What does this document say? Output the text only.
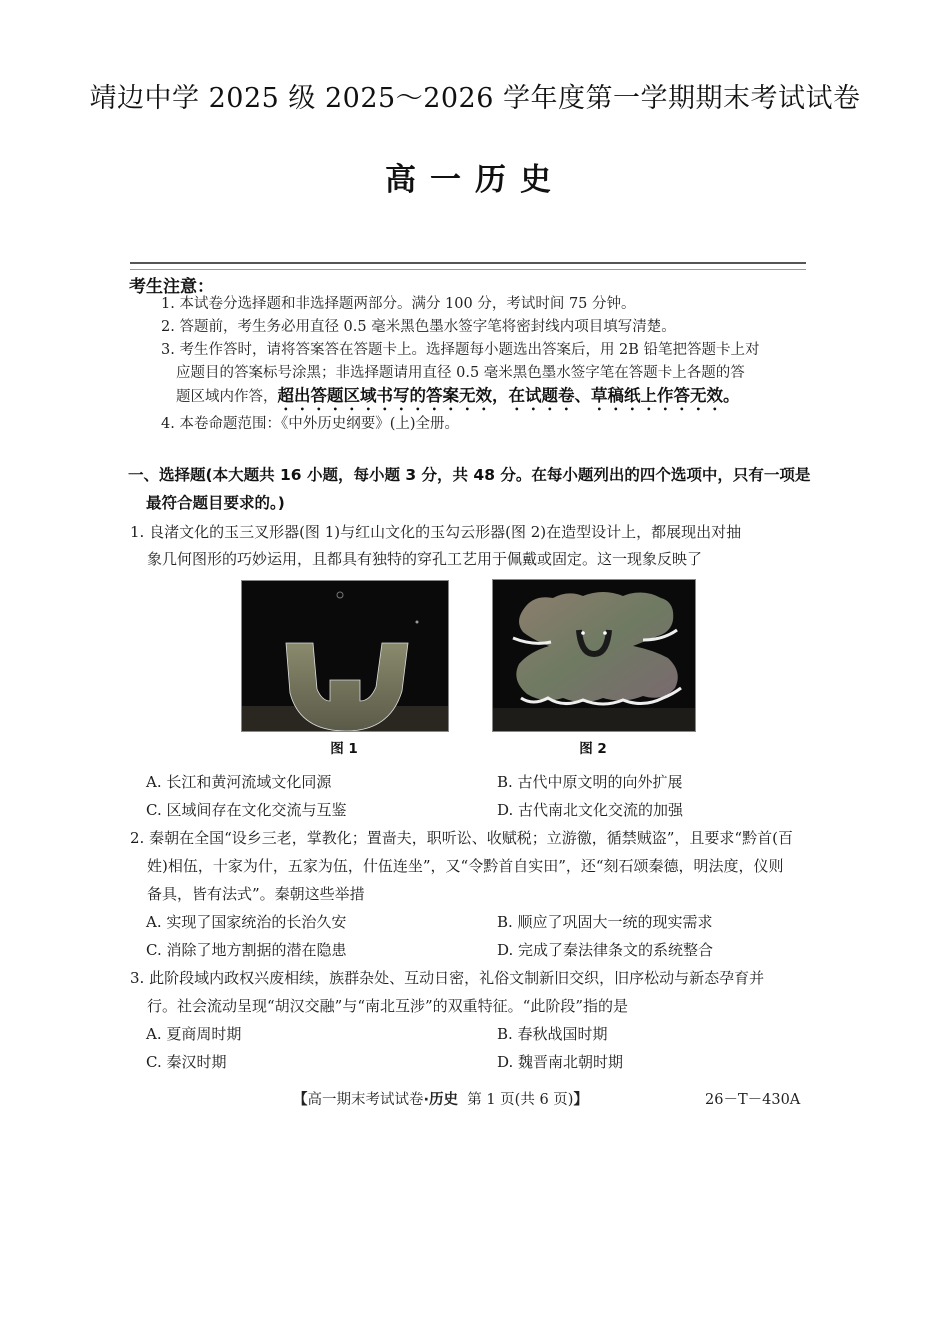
靖边中学 2025 级 2025～2026 学年度第一学期期末考试试卷
高一历史

考生注意：
1. 本试卷分选择题和非选择题两部分。满分 100 分，考试时间 75 分钟。
2. 答题前，考生务必用直径 0.5 毫米黑色墨水签字笔将密封线内项目填写清楚。
3. 考生作答时，请将答案答在答题卡上。选择题每小题选出答案后，用 2B 铅笔把答题卡上对
应题目的答案标号涂黑；非选择题请用直径 0.5 毫米黑色墨水签字笔在答题卡上各题的答
题区域内作答，超出答题区域书写的答案无效，在试题卷、草稿纸上作答无效。
4. 本卷命题范围：《中外历史纲要》(上)全册。
一、选择题(本大题共 16 小题，每小题 3 分，共 48 分。在每小题列出的四个选项中，只有一项是
最符合题目要求的。)
1. 良渚文化的玉三叉形器(图 1)与红山文化的玉勾云形器(图 2)在造型设计上，都展现出对抽
象几何图形的巧妙运用，且都具有独特的穿孔工艺用于佩戴或固定。这一现象反映了
图 1	图 2
A. 长江和黄河流域文化同源	B. 古代中原文明的向外扩展
C. 区域间存在文化交流与互鉴	D. 古代南北文化交流的加强
2. 秦朝在全国“设乡三老，掌教化；置啬夫，职听讼、收赋税；立游徼，循禁贼盗”，且要求“黔首(百
姓)相伍，十家为什，五家为伍，什伍连坐”，又“令黔首自实田”，还“刻石颂秦德，明法度，仪则
备具，皆有法式”。秦朝这些举措
A. 实现了国家统治的长治久安	B. 顺应了巩固大一统的现实需求
C. 消除了地方割据的潜在隐患	D. 完成了秦法律条文的系统整合
3. 此阶段域内政权兴废相续，族群杂处、互动日密，礼俗文制新旧交织，旧序松动与新态孕育并
行。社会流动呈现“胡汉交融”与“南北互涉”的双重特征。“此阶段”指的是
A. 夏商周时期	B. 春秋战国时期
C. 秦汉时期	D. 魏晋南北朝时期
【高一期末考试试卷·历史 第 1 页(共 6 页)】	26－T－430A
